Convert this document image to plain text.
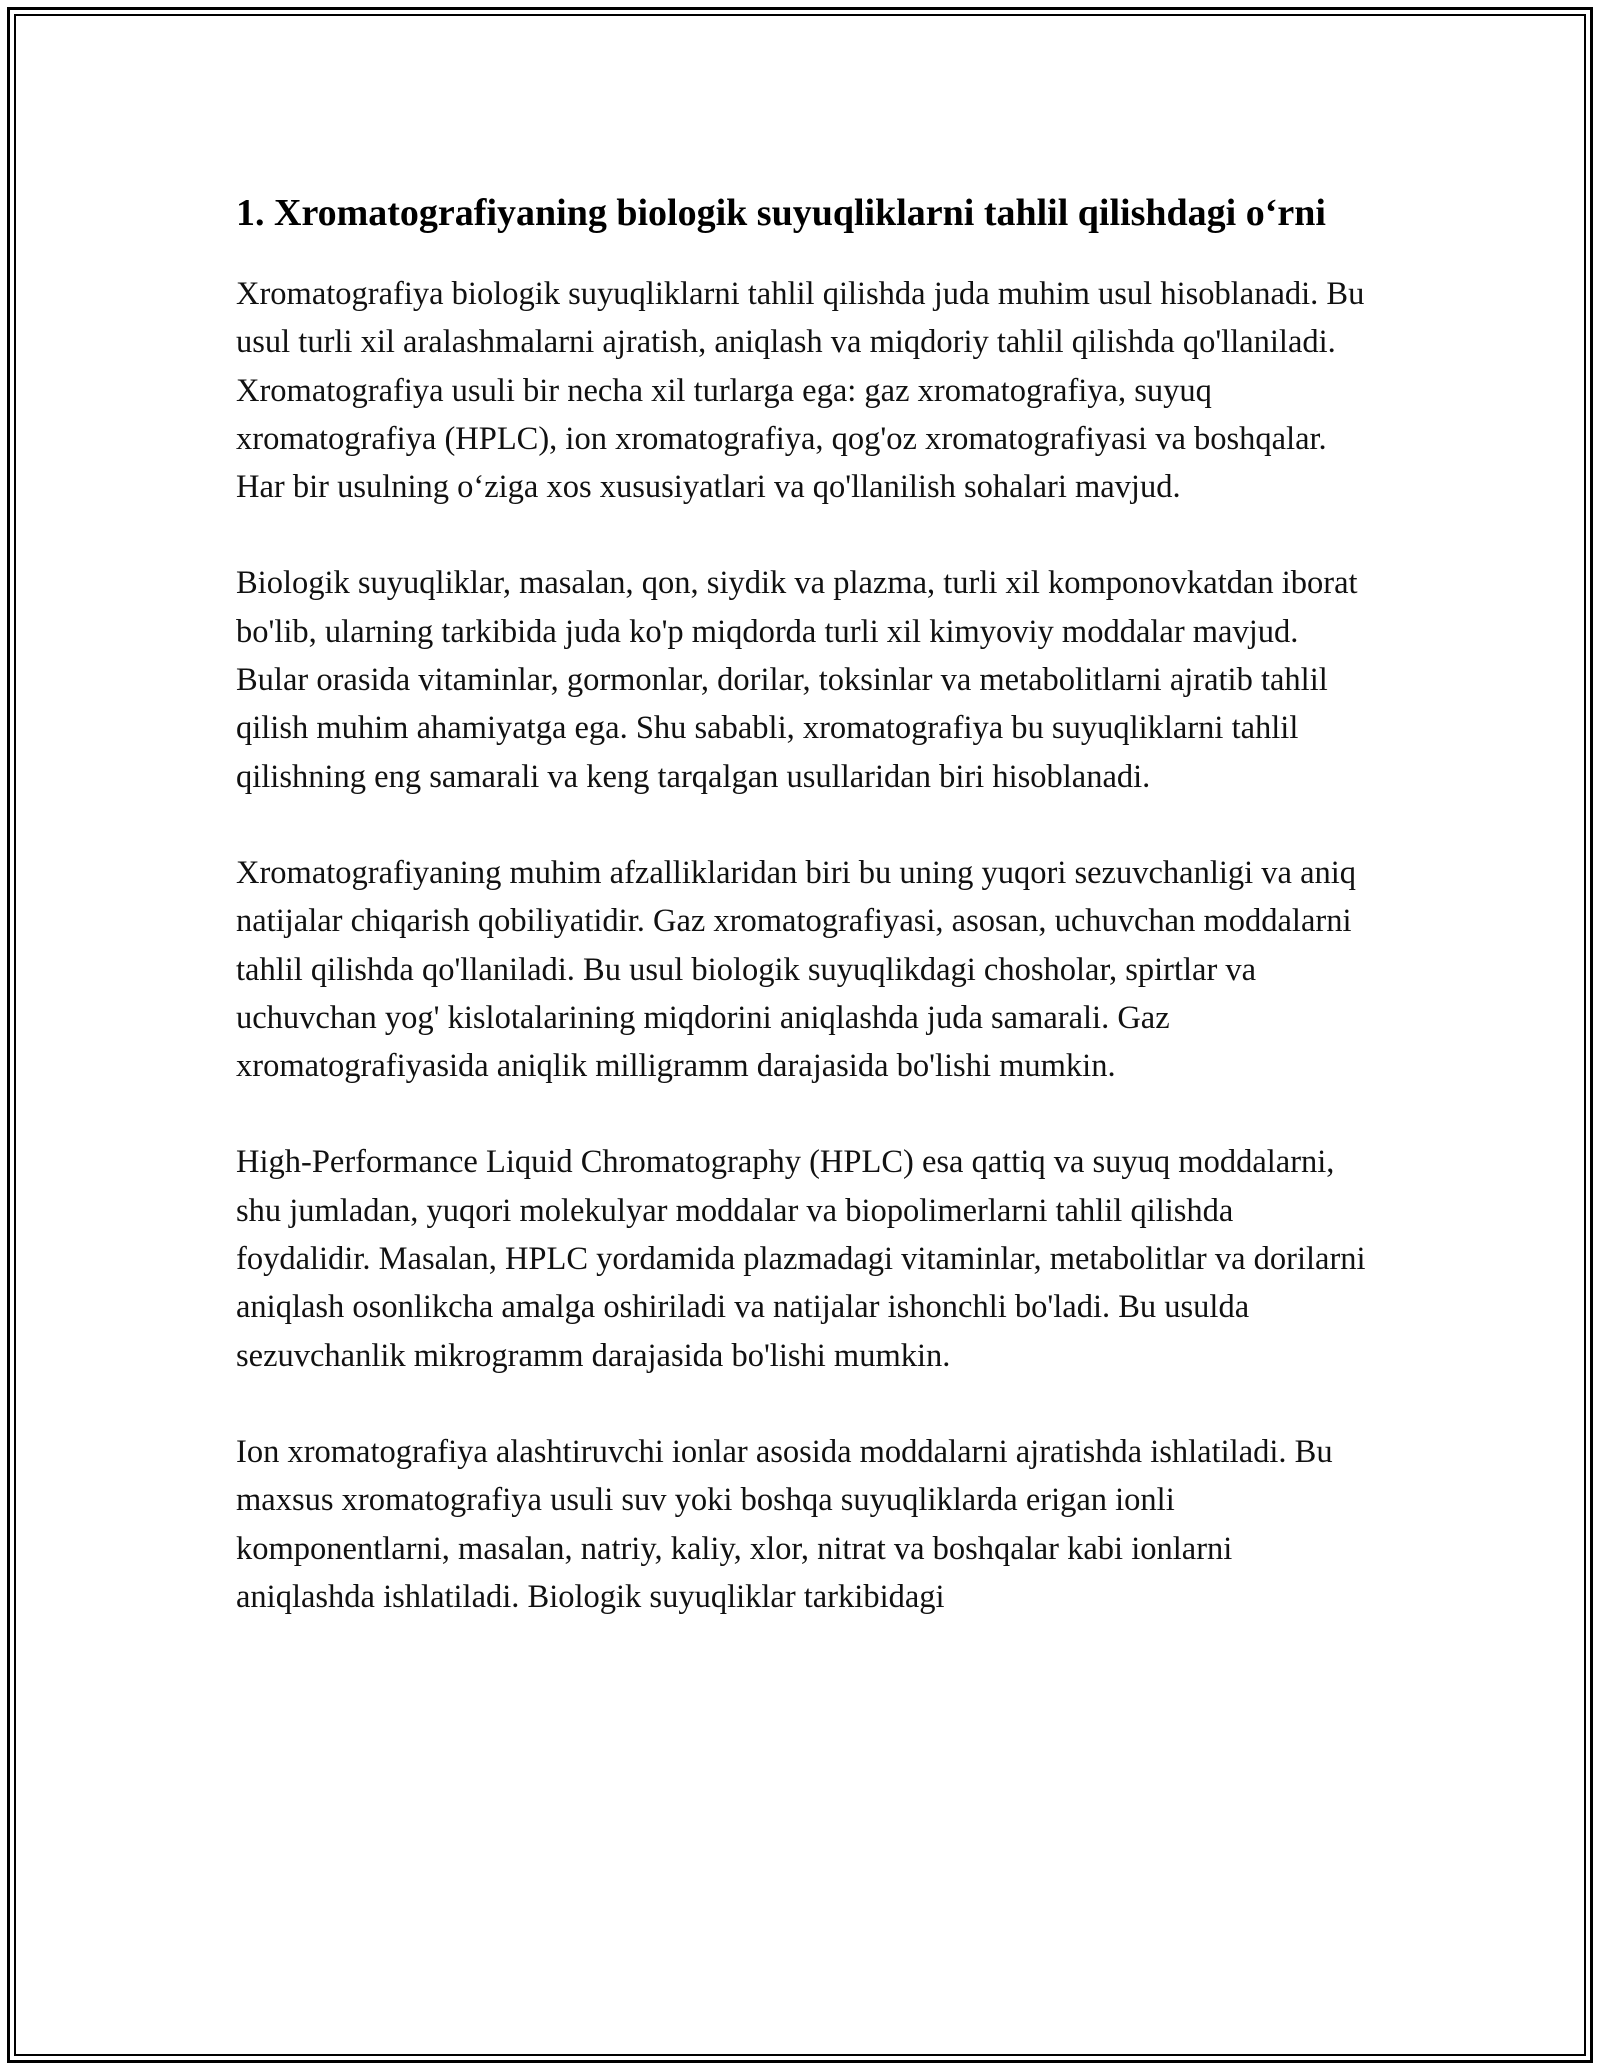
1. Xromatografiyaning biologik suyuqliklarni tahlil qilishdagi o‘rni

Xromatografiya biologik suyuqliklarni tahlil qilishda juda muhim usul hisoblanadi. Bu usul turli xil aralashmalarni ajratish, aniqlash va miqdoriy tahlil qilishda qo'llaniladi. Xromatografiya usuli bir necha xil turlarga ega: gaz xromatografiya, suyuq xromatografiya (HPLC), ion xromatografiya, qog'oz xromatografiyasi va boshqalar. Har bir usulning o‘ziga xos xususiyatlari va qo'llanilish sohalari mavjud.

Biologik suyuqliklar, masalan, qon, siydik va plazma, turli xil komponovkatdan iborat bo'lib, ularning tarkibida juda ko'p miqdorda turli xil kimyoviy moddalar mavjud. Bular orasida vitaminlar, gormonlar, dorilar, toksinlar va metabolitlarni ajratib tahlil qilish muhim ahamiyatga ega. Shu sababli, xromatografiya bu suyuqliklarni tahlil qilishning eng samarali va keng tarqalgan usullaridan biri hisoblanadi.

Xromatografiyaning muhim afzalliklaridan biri bu uning yuqori sezuvchanligi va aniq natijalar chiqarish qobiliyatidir. Gaz xromatografiyasi, asosan, uchuvchan moddalarni tahlil qilishda qo'llaniladi. Bu usul biologik suyuqlikdagi chosholar, spirtlar va uchuvchan yog' kislotalarining miqdorini aniqlashda juda samarali. Gaz xromatografiyasida aniqlik milligramm darajasida bo'lishi mumkin.

High-Performance Liquid Chromatography (HPLC) esa qattiq va suyuq moddalarni, shu jumladan, yuqori molekulyar moddalar va biopolimerlarni tahlil qilishda foydalidir. Masalan, HPLC yordamida plazmadagi vitaminlar, metabolitlar va dorilarni aniqlash osonlikcha amalga oshiriladi va natijalar ishonchli bo'ladi. Bu usulda sezuvchanlik mikrogramm darajasida bo'lishi mumkin.

Ion xromatografiya alashtiruvchi ionlar asosida moddalarni ajratishda ishlatiladi. Bu maxsus xromatografiya usuli suv yoki boshqa suyuqliklarda erigan ionli komponentlarni, masalan, natriy, kaliy, xlor, nitrat va boshqalar kabi ionlarni aniqlashda ishlatiladi. Biologik suyuqliklar tarkibidagi
